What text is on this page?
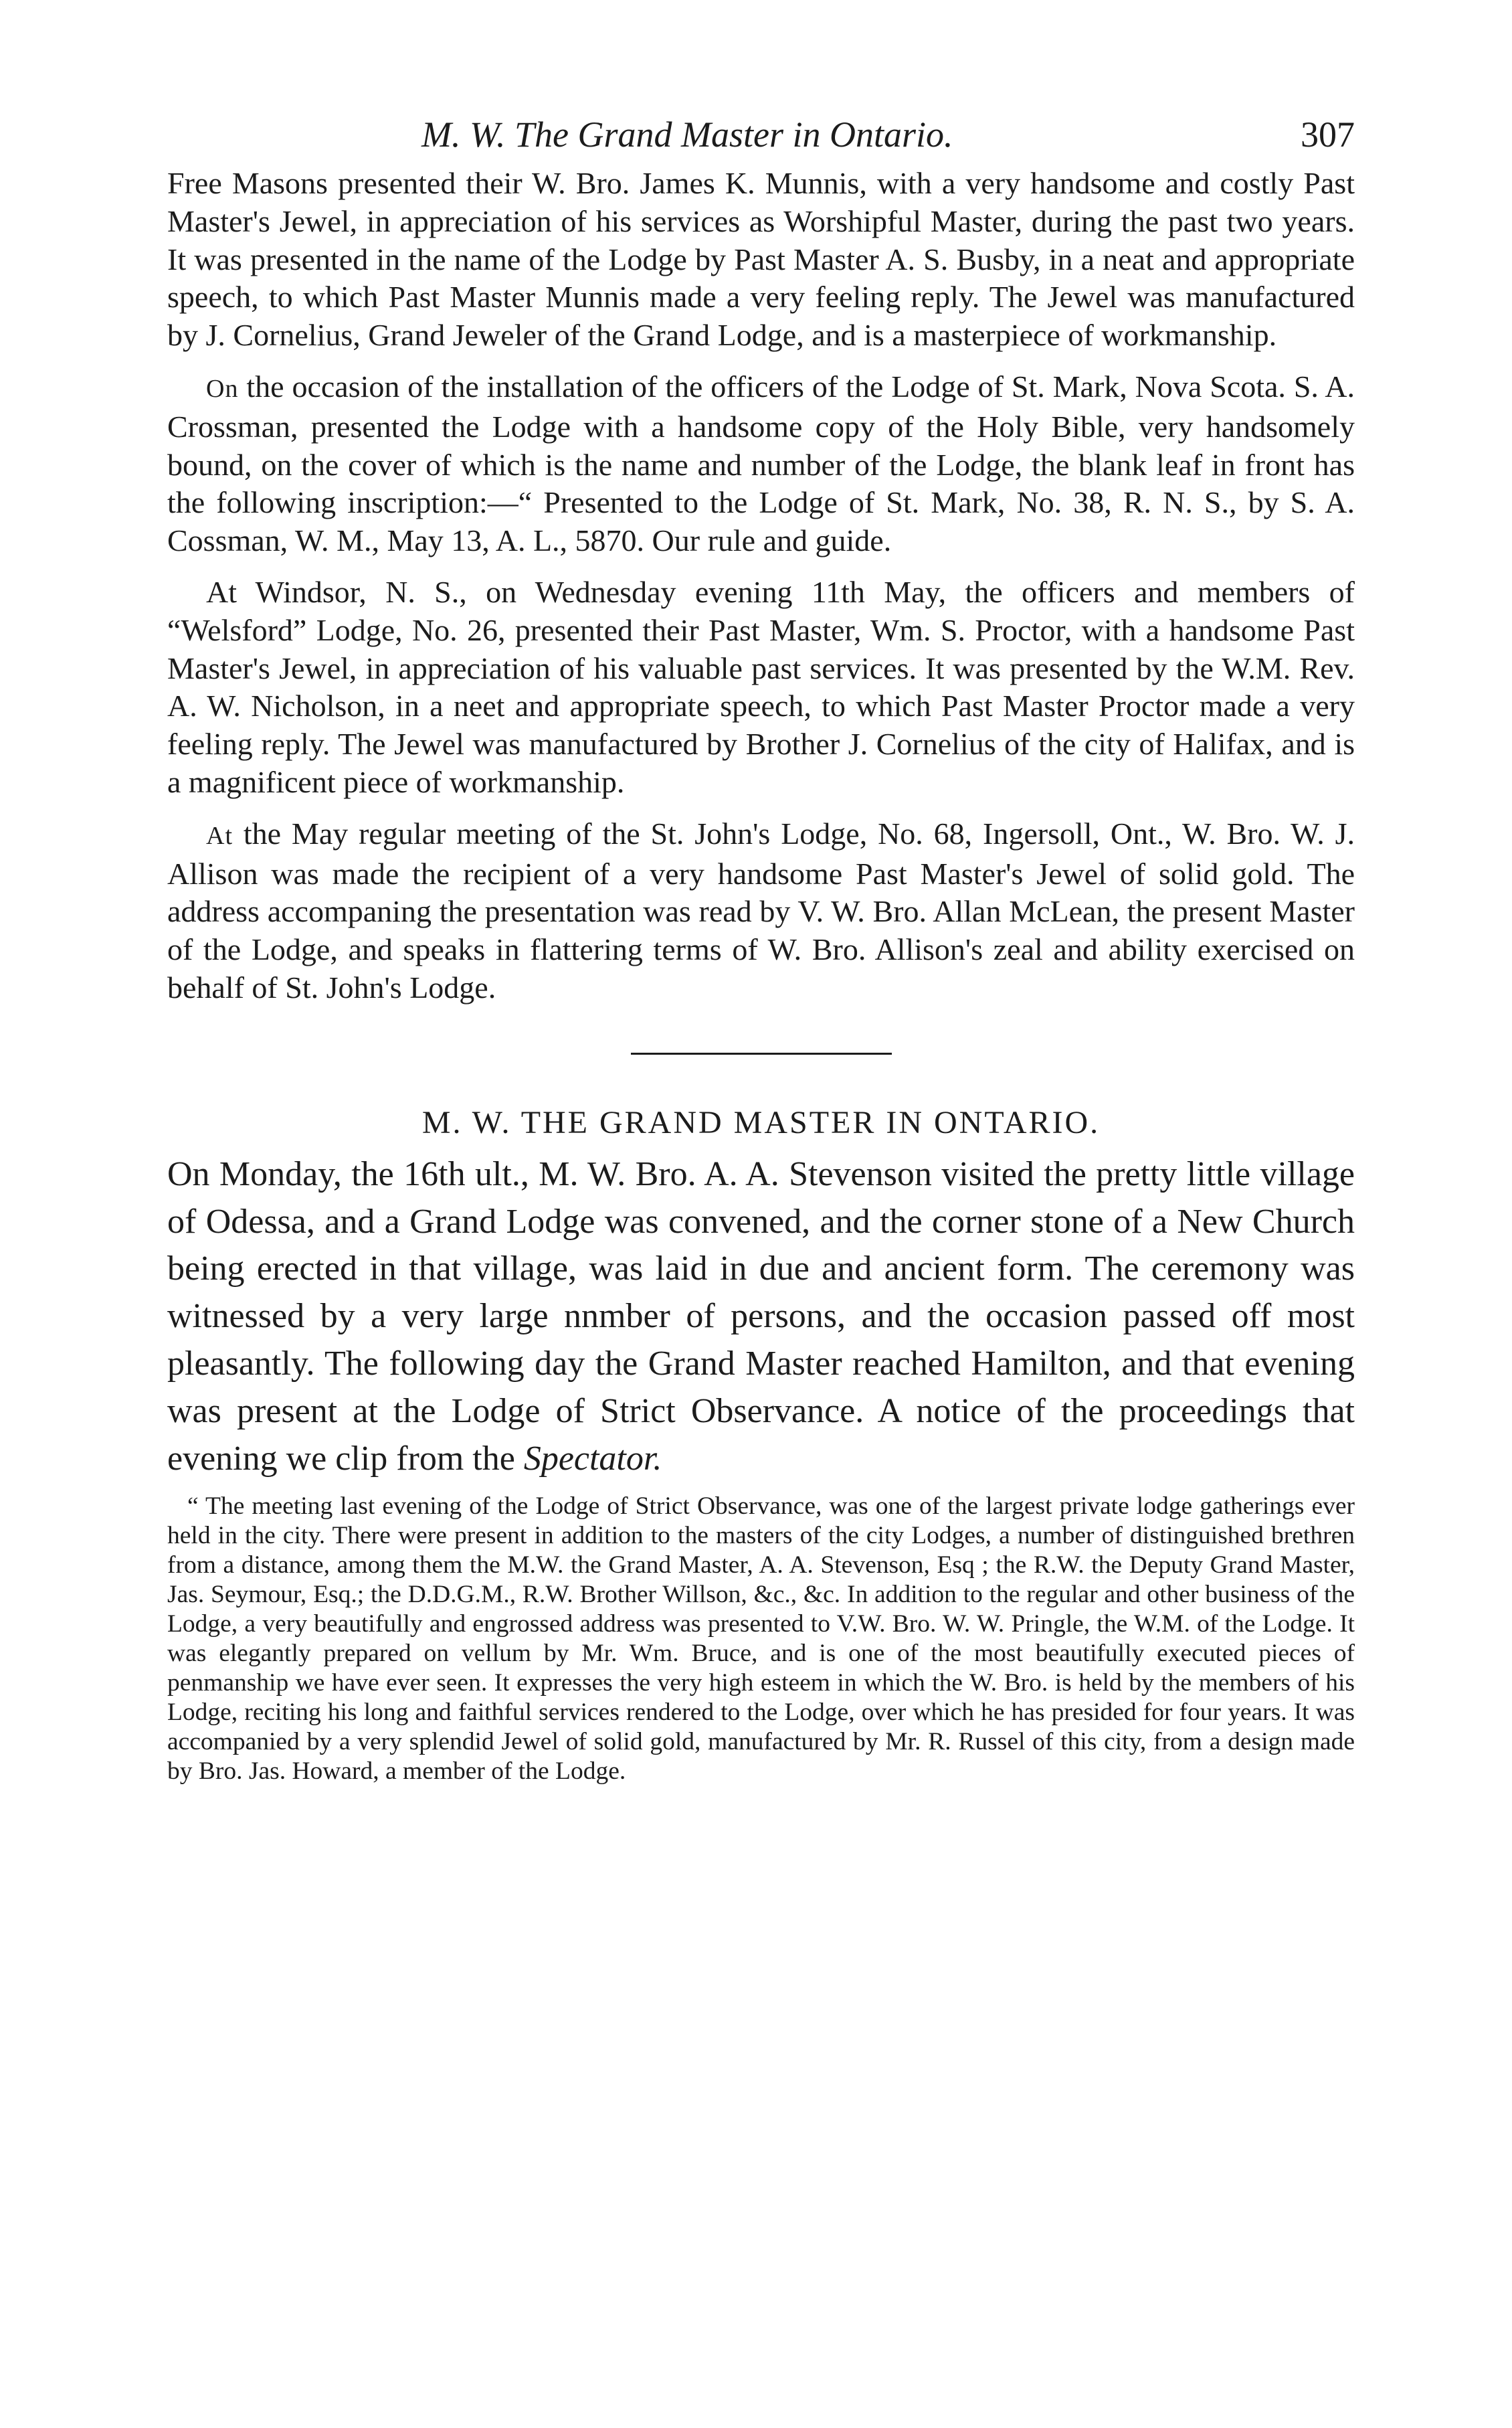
M. W. The Grand Master in Ontario.	307

Free Masons presented their W. Bro. James K. Munnis, with a very handsome and costly Past Master's Jewel, in appreciation of his services as Worshipful Master, during the past two years. It was presented in the name of the Lodge by Past Master A. S. Busby, in a neat and appropriate speech, to which Past Master Munnis made a very feeling reply. The Jewel was manufactured by J. Cornelius, Grand Jeweler of the Grand Lodge, and is a masterpiece of workmanship.

On the occasion of the installation of the officers of the Lodge of St. Mark, Nova Scota. S. A. Crossman, presented the Lodge with a handsome copy of the Holy Bible, very handsomely bound, on the cover of which is the name and number of the Lodge, the blank leaf in front has the following inscription:—“ Presented to the Lodge of St. Mark, No. 38, R. N. S., by S. A. Cossman, W. M., May 13, A. L., 5870. Our rule and guide.

At Windsor, N. S., on Wednesday evening 11th May, the officers and members of “Welsford” Lodge, No. 26, presented their Past Master, Wm. S. Proctor, with a handsome Past Master's Jewel, in appreciation of his valuable past services. It was presented by the W.M. Rev. A. W. Nicholson, in a neet and appropriate speech, to which Past Master Proctor made a very feeling reply. The Jewel was manufactured by Brother J. Cornelius of the city of Halifax, and is a magnificent piece of workmanship.

At the May regular meeting of the St. John's Lodge, No. 68, Ingersoll, Ont., W. Bro. W. J. Allison was made the recipient of a very handsome Past Master's Jewel of solid gold. The address accompaning the presentation was read by V. W. Bro. Allan McLean, the present Master of the Lodge, and speaks in flattering terms of W. Bro. Allison's zeal and ability exercised on behalf of St. John's Lodge.

M. W. THE GRAND MASTER IN ONTARIO.

On Monday, the 16th ult., M. W. Bro. A. A. Stevenson visited the pretty little village of Odessa, and a Grand Lodge was convened, and the corner stone of a New Church being erected in that village, was laid in due and ancient form. The ceremony was witnessed by a very large nnmber of persons, and the occasion passed off most pleasantly. The following day the Grand Master reached Hamilton, and that evening was present at the Lodge of Strict Observance. A notice of the proceedings that evening we clip from the Spectator.

“ The meeting last evening of the Lodge of Strict Observance, was one of the largest private lodge gatherings ever held in the city. There were present in addition to the masters of the city Lodges, a number of distinguished brethren from a distance, among them the M.W. the Grand Master, A. A. Stevenson, Esq ; the R.W. the Deputy Grand Master, Jas. Seymour, Esq.; the D.D.G.M., R.W. Brother Willson, &c., &c. In addition to the regular and other business of the Lodge, a very beautifully and engrossed address was presented to V.W. Bro. W. W. Pringle, the W.M. of the Lodge. It was elegantly prepared on vellum by Mr. Wm. Bruce, and is one of the most beautifully executed pieces of penmanship we have ever seen. It expresses the very high esteem in which the W. Bro. is held by the members of his Lodge, reciting his long and faithful services rendered to the Lodge, over which he has presided for four years. It was accompanied by a very splendid Jewel of solid gold, manufactured by Mr. R. Russel of this city, from a design made by Bro. Jas. Howard, a member of the Lodge.
